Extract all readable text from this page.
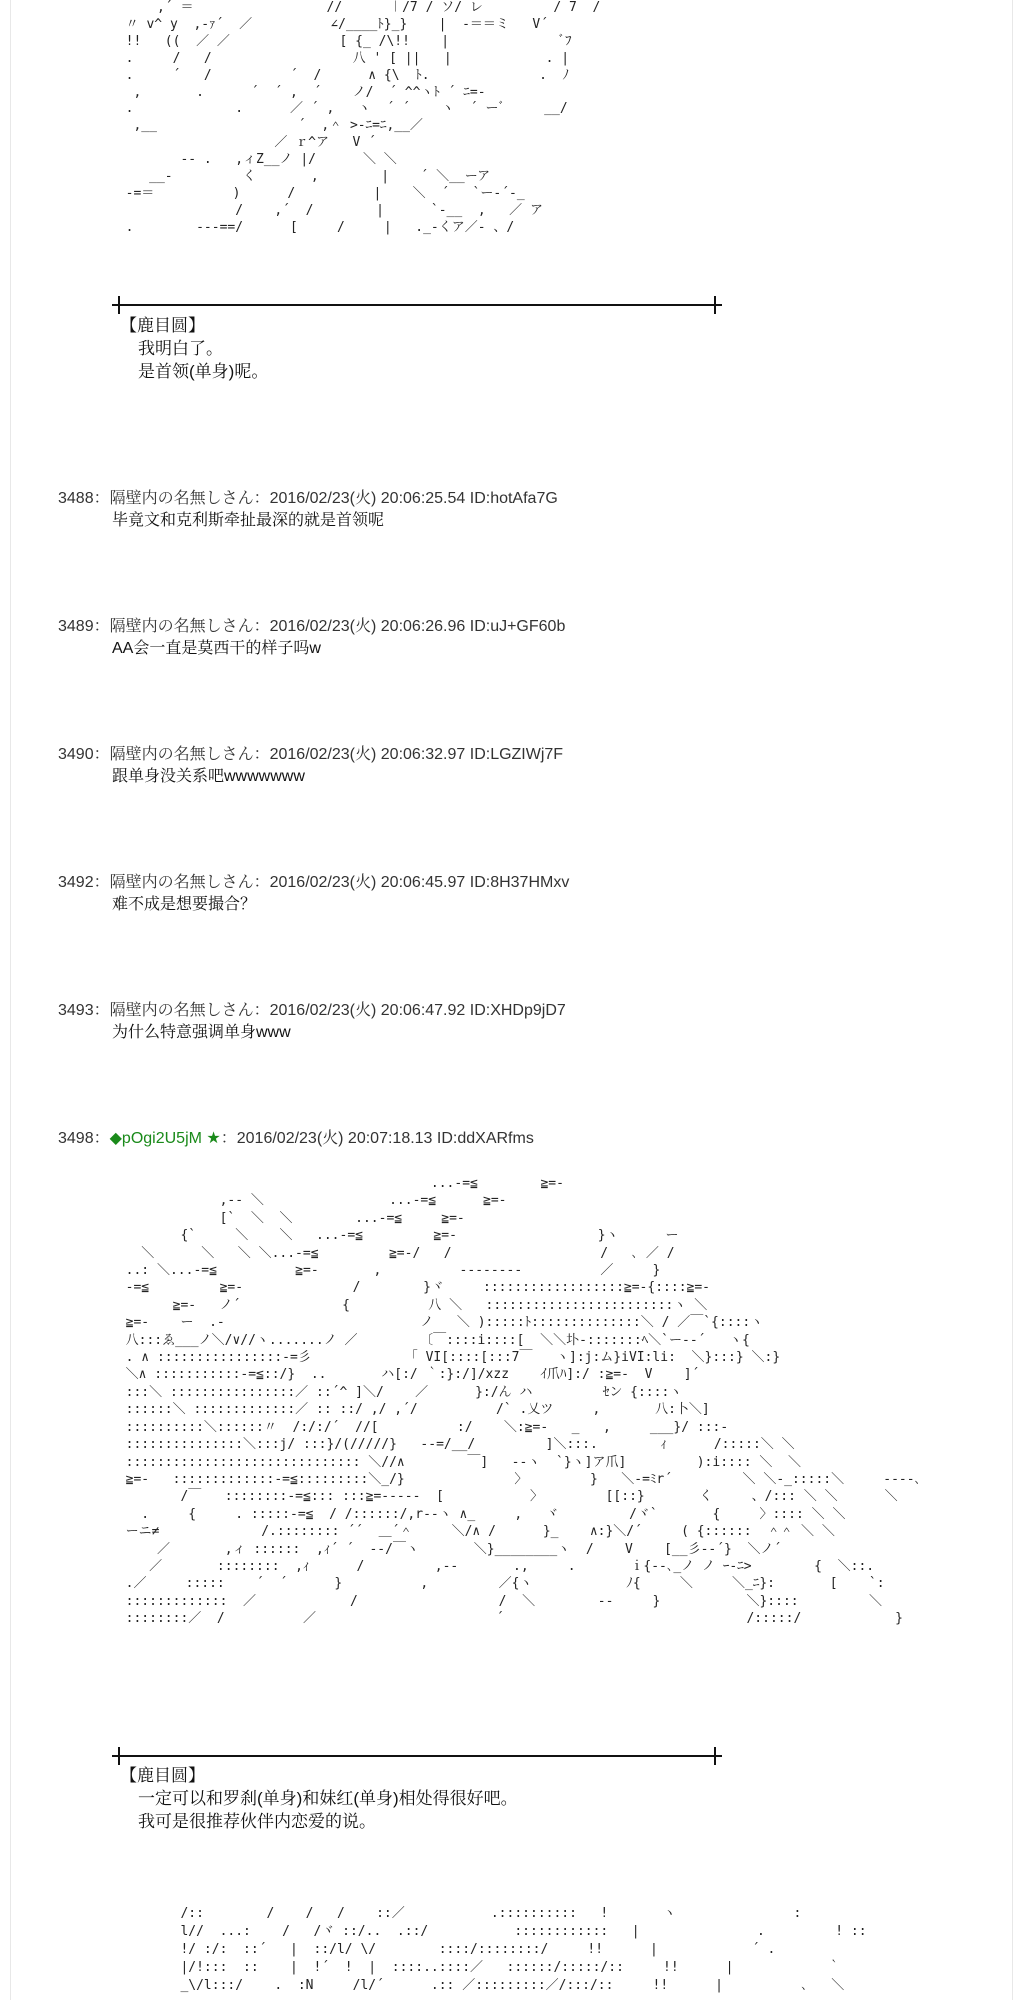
,´ ＝                 //      ︱/7 / ソ/ レ         / 7  /
〃 v^ y  ,-ｧ´  ／          ∠/____ﾄ}_}    |  -＝＝ミ   V´
!!   ((  ／ ／              [ {_ /\!!    |              ﾞﾌ
.     /   /                  八 ' [ ||   |            . |
.     ´   /          ´  /      ∧ {\  ﾄ.              .  ﾉ
,       .      ´  ´ ,  ´    ノ/  ´ ^^ヽﾄ ´ ﾆ=-
.             .      ／ ´ ,   ヽ  ´ ´    ヽ  ´ ーﾞ     __/
,__                  ´  ,＾ >-ﾆ=ﾆ,__／
／ ｒ^ア   V ´
-- .   ,ィZ__ノ |/      ＼ ＼
__-         く       ,        |    ´ ＼__ーア
-=＝          )      /          |    ＼  ´   `ー-´-_
/    ,´  /        |      `-__  ,   ／ ア
.        ---==/      [     /     |   ._-くア／- 、/
【鹿目圆】
我明白了。
是首领(单身)呢。
3488：隔壁内の名無しさん：2016/02/23(火) 20:06:25.54 ID:hotAfa7G
毕竟文和克利斯牵扯最深的就是首领呢
3489：隔壁内の名無しさん：2016/02/23(火) 20:06:26.96 ID:uJ+GF60b
AA会一直是莫西干的样子吗w
3490：隔壁内の名無しさん：2016/02/23(火) 20:06:32.97 ID:LGZIWj7F
跟单身没关系吧wwwwwww
3492：隔壁内の名無しさん：2016/02/23(火) 20:06:45.97 ID:8H37HMxv
难不成是想要撮合？
3493：隔壁内の名無しさん：2016/02/23(火) 20:06:47.92 ID:XHDp9jD7
为什么特意强调单身www
3498：◆pOgi2U5jM ★：2016/02/23(火) 20:07:18.13 ID:ddXARfms
...-=≦        ≧=-
,-- ＼                ...-=≦      ≧=-
[`  ＼  ＼        ...-=≦     ≧=-
{`     ＼    ＼   ...-=≦         ≧=-                  }ヽ      ー
＼      ＼   ＼ ＼...-=≦         ≧=-/   /                   /   ､ ／ /
..: ＼...-=≦          ≧=-       ,          --------          ／     }
-=≦         ≧=-              /        }ヾ     ::::::::::::::::::≧=-{::::≧=-
≧=-   ノ´             {          八 ＼   ::::::::::::::::::::::::ヽ ＼
≧=-    ー  .-                         ノ   ＼ ):::::ﾄ::::::::::::::＼ / ／￣`{::::ヽ
八:::ゑ___ノ＼/∨//ヽ.......ノ ／        〔￣::::i::::[  ＼＼圤-:::::::ﾍ＼`ー--´   ヽ{
. ∧ ::::::::::::::::-=彡            「 VI[::::[:::7￣   ヽ]:j:ム}iVI:li:  ＼}:::} ＼:}
＼∧ :::::::::::-=≦::/}  ..       ハ[:/ ｀:}:/]/xzz    ｲ爪ﾊ]:/ :≧=-  V    ]´
:::＼ ::::::::::::::::／ ::´^ ]＼/    ／      }:/ん ハ         ｾン {::::ヽ
::::::＼ :::::::::::::／ :: ::/ ,/ ,´/          /` .乂ツ     ,       八:卜＼]
::::::::::＼::::::〃  /:/:/´  //[          :/    ＼:≧=-   _   ,     ___}/ :::-
:::::::::::::::＼:::j/ :::}/(/////}   --=/__/         ]＼:::.        ｨ      /:::::＼ ＼
:::::::::::::::::::::::::::::: ＼//∧        ￣]   --ヽ  `}ヽ]ア爪]         ):i:::: ＼  ＼
≧=-   :::::::::::::-=≦:::::::::＼_/}              〉        }   ＼-=ﾐr´         ＼ ＼-_:::::＼     ----､
/￣   ::::::::-=≦::: :::≧=-----  [           〉        [[::}       く     、/::: ＼ ＼      ＼
.     {     . :::::-=≦  / /::::::/,r--ヽ ∧_     ,   ヾ         /ヾ`       {     〉:::: ＼ ＼
ーニ≠             /.:::::::: ´´  ＿´＾     ＼/∧ /      }_    ∧:}＼/´     ( {::::::  ＾＾ ＼ ＼
／       ,ィ ::::::  ,ｨ´ ´  --/￣ヽ       ＼}________ヽ  /    V    [__彡--´}  ＼ノ´
／       ::::::::  ,ｨ      /         ,--       .,     .       ｉ{--､_ノ ノ ｰ-ﾆ>        {  ＼::.
.／     :::::    ´  ´      }          ,         ／{ヽ            ﾉ{     ＼     ＼_ﾆ}:       [    `:
:::::::::::::  ／            /                  /  ＼        --     }           ＼}::::         ＼
::::::::／  /          ／                       ´                               /:::::/            }
【鹿目圆】
一定可以和罗刹(单身)和妹红(单身)相处得很好吧。
我可是很推荐伙伴内恋爱的说。
/::        /    /   /    ::／           .::::::::::   !       ヽ               :
l//  ...:    /   /ヾ ::/..  .::/           ::::::::::::   |               .         ! ::
!/ :/:  ::´   |  ::/l/ \/        ::::/::::::::/     !!      |            ´ .
|/!:::  ::    |  !´  !  |  ::::..::::／   ::::::/:::::/::     !!      |            ｀
_\/l:::/    .  :N     /l/´      .:: ／:::::::::／/:::/::     !!      |          ､   ＼
